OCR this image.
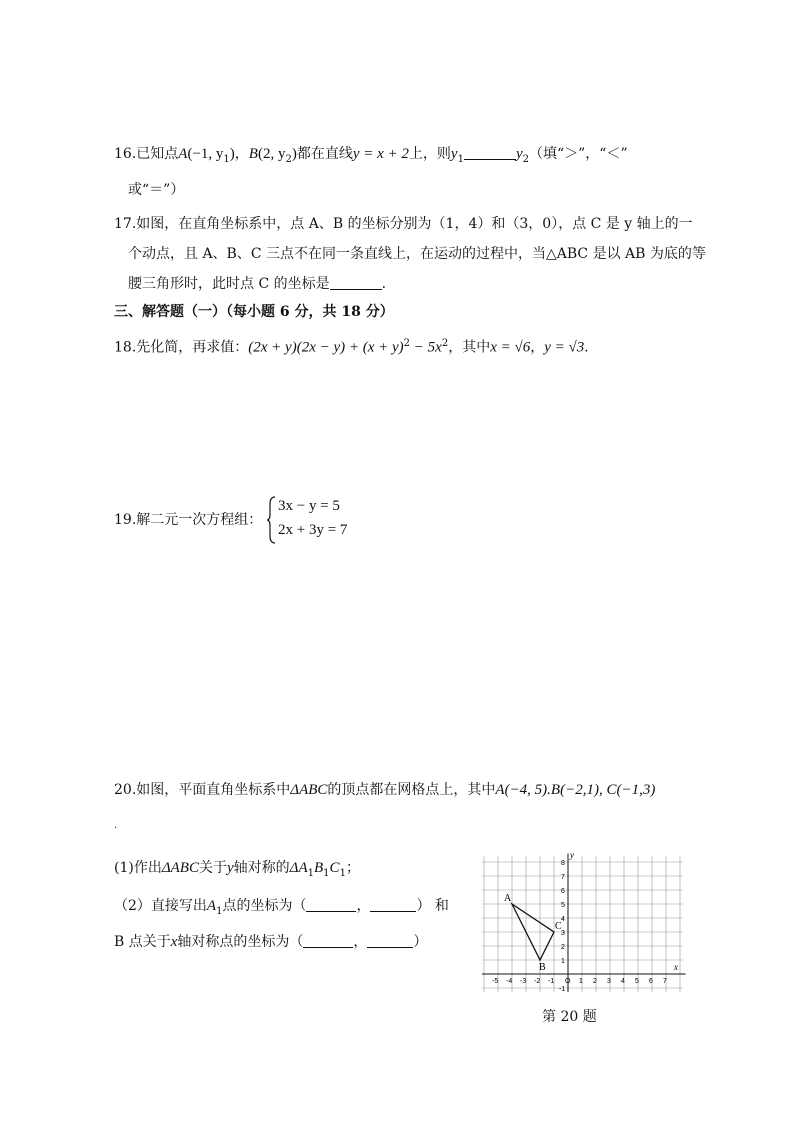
16.已知点A(−1, $y_1$)，B(2, $y_2$)都在直线y = x + 2上，则$y_1$	$y_2$（填“＞”，“＜”
或“＝”）
17.如图，在直角坐标系中，点 A、B 的坐标分别为（1，4）和（3，0），点 C 是 y 轴上的一
个动点，且 A、B、C 三点不在同一条直线上，在运动的过程中，当△ABC 是以 AB 为底的等
腰三角形时，此时点 C 的坐标是	.
三、解答题（一）（每小题 6 分，共 18 分）
18.先化简，再求值：$(2x + y)(2x - y) + (x + y)^2 - 5x^2$，其中x = √6，y = √3．
19.解二元一次方程组：
3x − y = 5
2x + 3y = 7
20.如图，平面直角坐标系中ΔABC的顶点都在网格点上，其中A(−4, 5).B(−2,1), C(−1,3)
.
(1)作出ΔABC关于y轴对称的$\Delta A_1B_1C_1$；
（2）直接写出$A_1$点的坐标为（	，	） 和
B 点关于x轴对称点的坐标为（	，	）
-5 -4 -3 -2 -1 O 1 2 3 4 5 6 7
8
7
6
5
4
3
2
1
-1
A
B
C
x
y
第 20 题
